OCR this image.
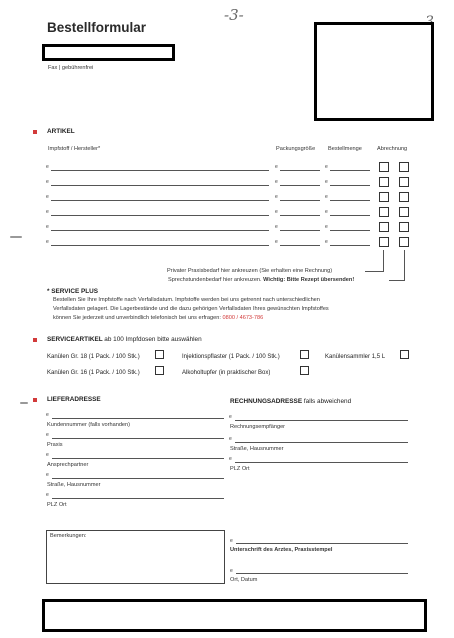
Bestellformular
-3-
Fax | gebührenfrei
ARTIKEL
Impfstoff / Hersteller*	Packungsgröße Bestellmenge	Abrechnung
e	e	e
e	e	e
e	e	e
e	e	e
e	e	e
e	e	e
Privater Praxisbedarf hier ankreuzen (Sie erhalten eine Rechnung)
Sprechstundenbedarf hier ankreuzen. Wichtig: Bitte Rezept übersenden!
* SERVICE PLUS
Bestellen Sie Ihre Impfstoffe nach Verfallsdatum. Impfstoffe werden bei uns getrennt nach unterschiedlichen
Verfallsdaten gelagert. Die Lagerbestände und die dazu gehörigen Verfallsdaten Ihres gewünschten Impfstoffes
können Sie jederzeit und unverbindlich telefonisch bei uns erfragen: 0800 / 4673-786
SERVICEARTIKEL ab 100 Impfdosen bitte auswählen
Kanülen Gr. 18 (1 Pack. / 100 Stk.)	Injektionspflaster (1 Pack. / 100 Stk.)	Kanülensammler 1,5 L
Kanülen Gr. 16 (1 Pack. / 100 Stk.)	Alkoholtupfer (in praktischer Box)
LIEFERADRESSE
e
Kundennummer (falls vorhanden)
e
Praxis
e
Ansprechpartner
e
Straße, Hausnummer
e
PLZ Ort
RECHNUNGSADRESSE falls abweichend
e
Rechnungsempfänger
e
Straße, Hausnummer
e
PLZ Ort
Bemerkungen:
e
Unterschrift des Arztes, Praxisstempel
e
Ort, Datum
